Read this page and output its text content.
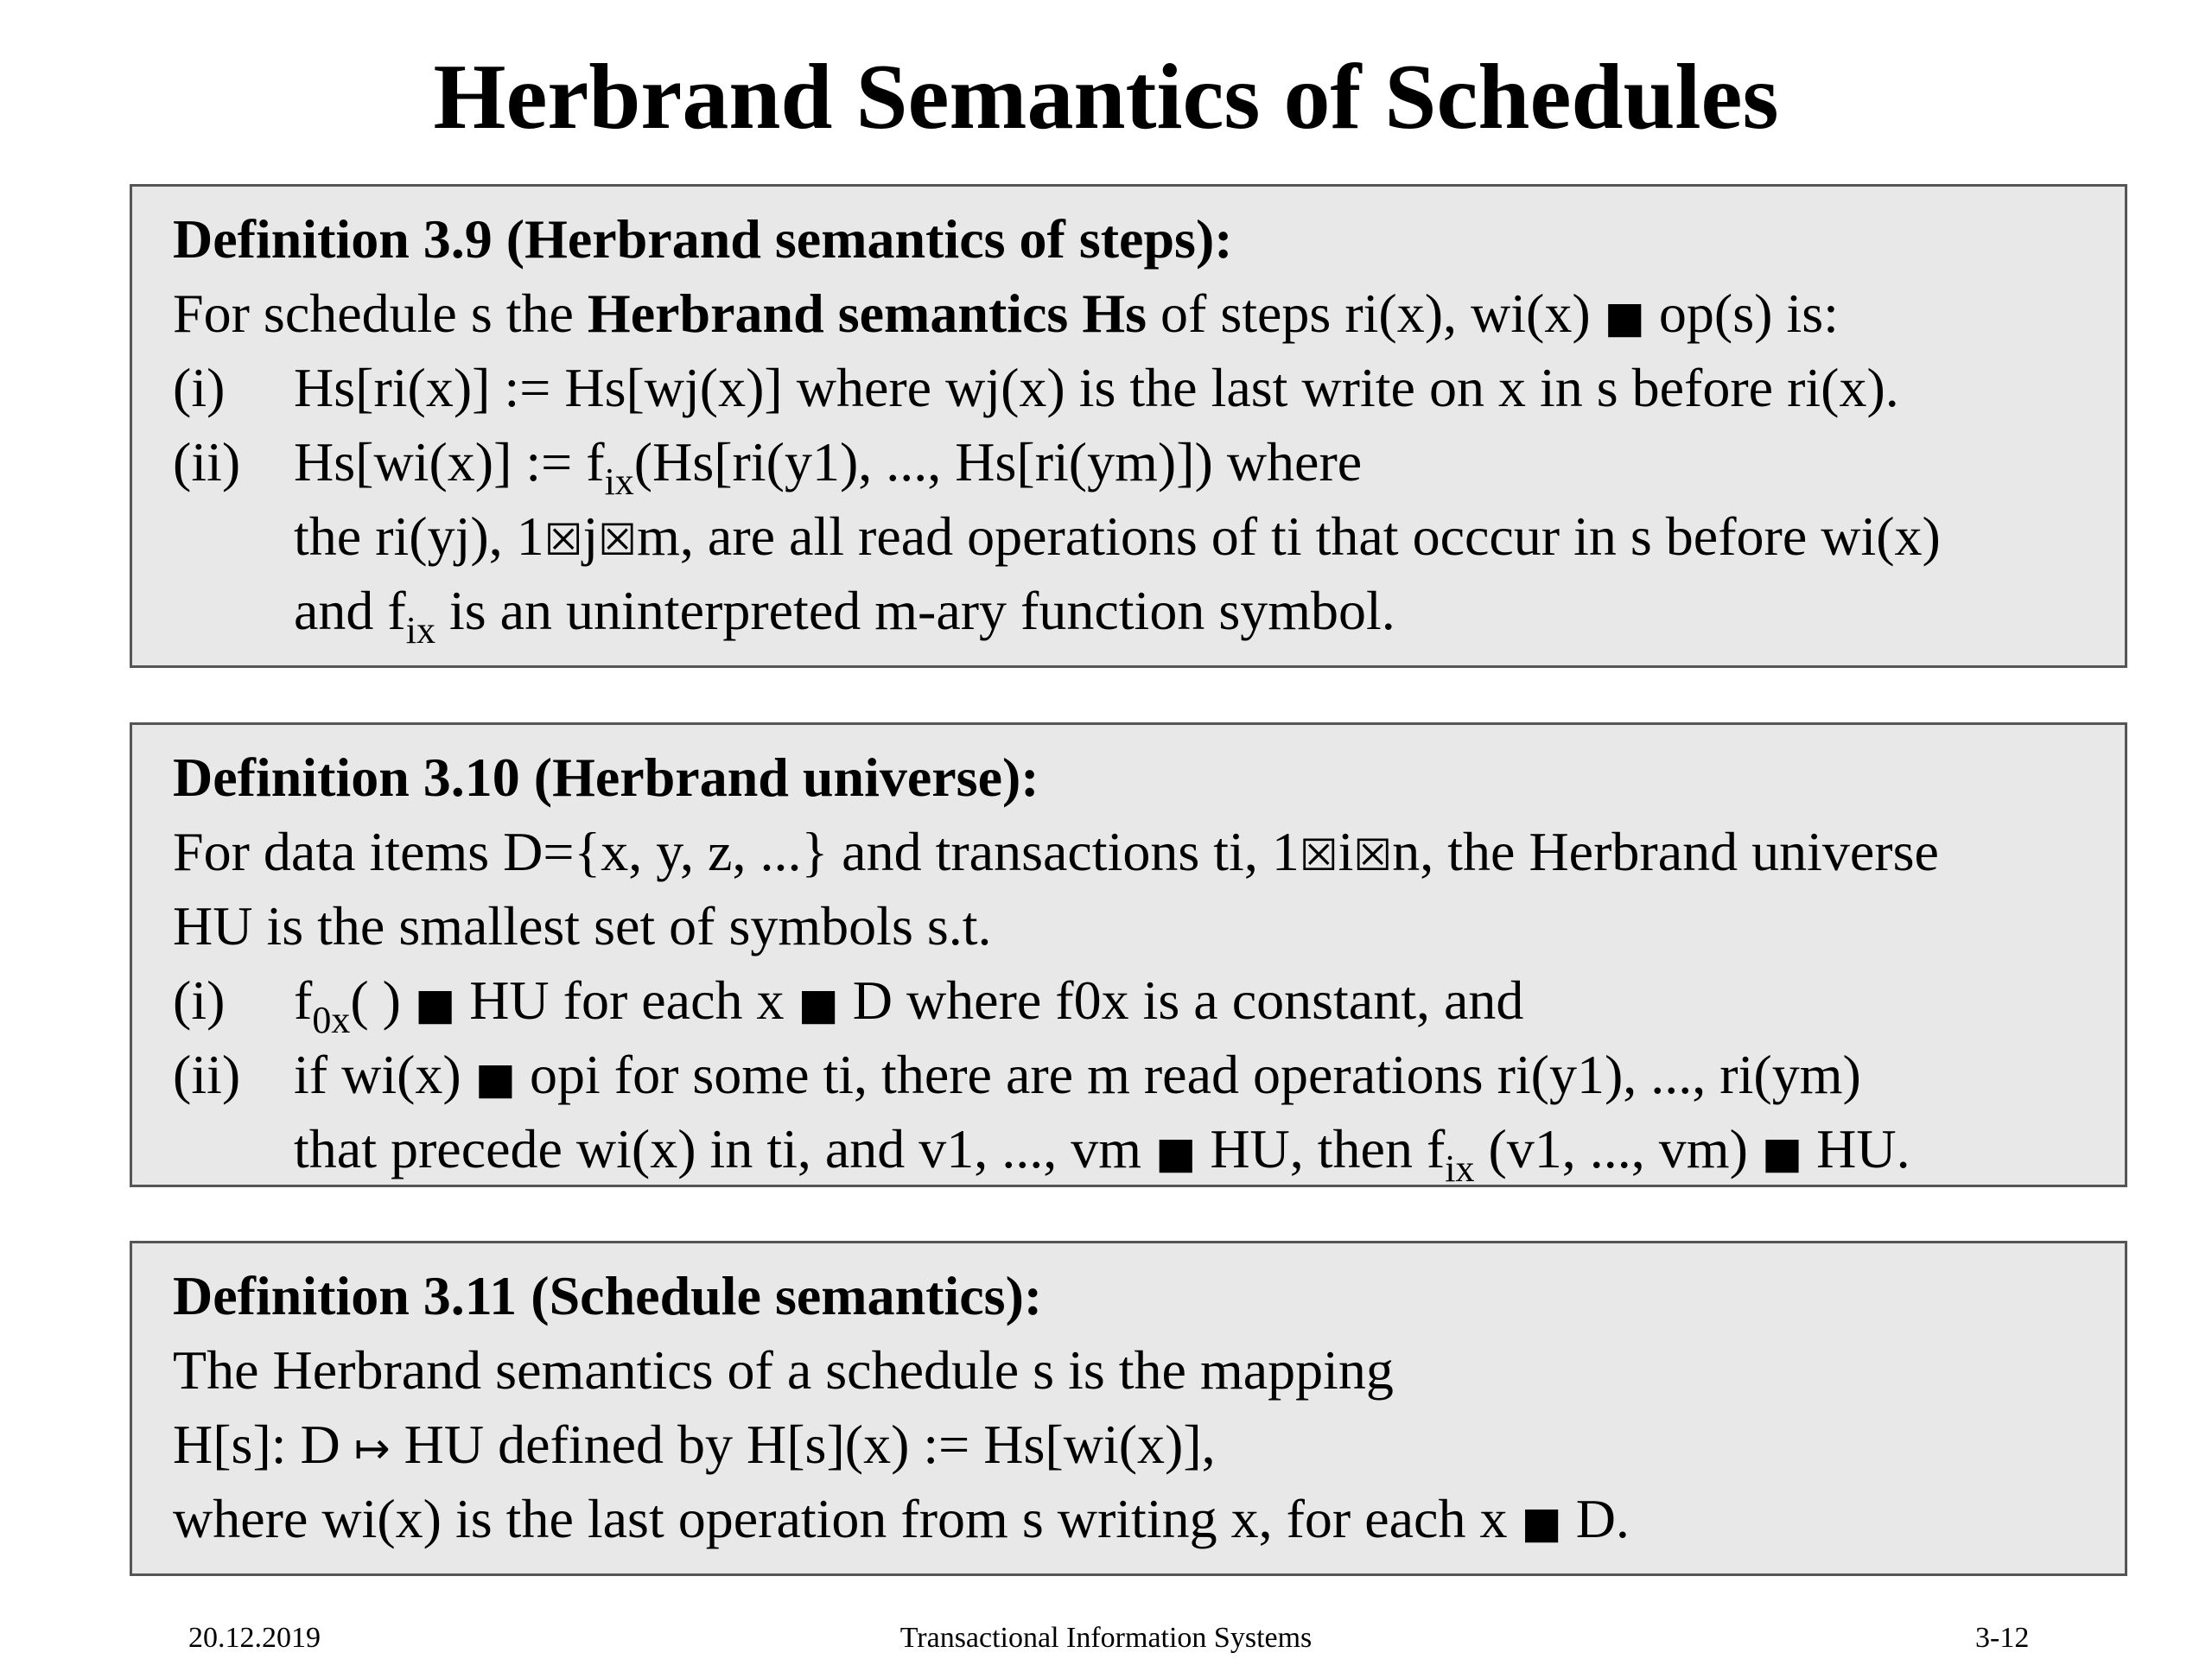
Herbrand Semantics of Schedules
Definition 3.9 (Herbrand semantics of steps):
For schedule s the Herbrand semantics Hs of steps ri(x), wi(x) ■ op(s) is:
(i) Hs[ri(x)] := Hs[wj(x)] where wj(x) is the last write on x in s before ri(x).
(ii) Hs[wi(x)] := $f_{ix}(Hs[ri(y1)$, ..., Hs[ri(ym)]) where
the ri(yj), 1☒j☒m, are all read operations of ti that occcur in s before wi(x)
and $f_{ix}$ is an uninterpreted m-ary function symbol.
Definition 3.10 (Herbrand universe):
For data items D={x, y, z, ...} and transactions ti, 1☒i☒n, the Herbrand universe
HU is the smallest set of symbols s.t.
(i) $f_{0x}$( ) ■ HU for each x ■ D where f0x is a constant, and
(ii) if wi(x) ■ opi for some ti, there are m read operations ri(y1), ..., ri(ym)
that precede wi(x) in ti, and v1, ..., vm ■ HU, then $f_{ix}$ (v1, ..., vm) ■ HU.
Definition 3.11 (Schedule semantics):
The Herbrand semantics of a schedule s is the mapping
H[s]: D ↦ HU defined by H[s](x) := Hs[wi(x)],
where wi(x) is the last operation from s writing x, for each x ■ D.
20.12.2019	Transactional Information Systems	3-12
